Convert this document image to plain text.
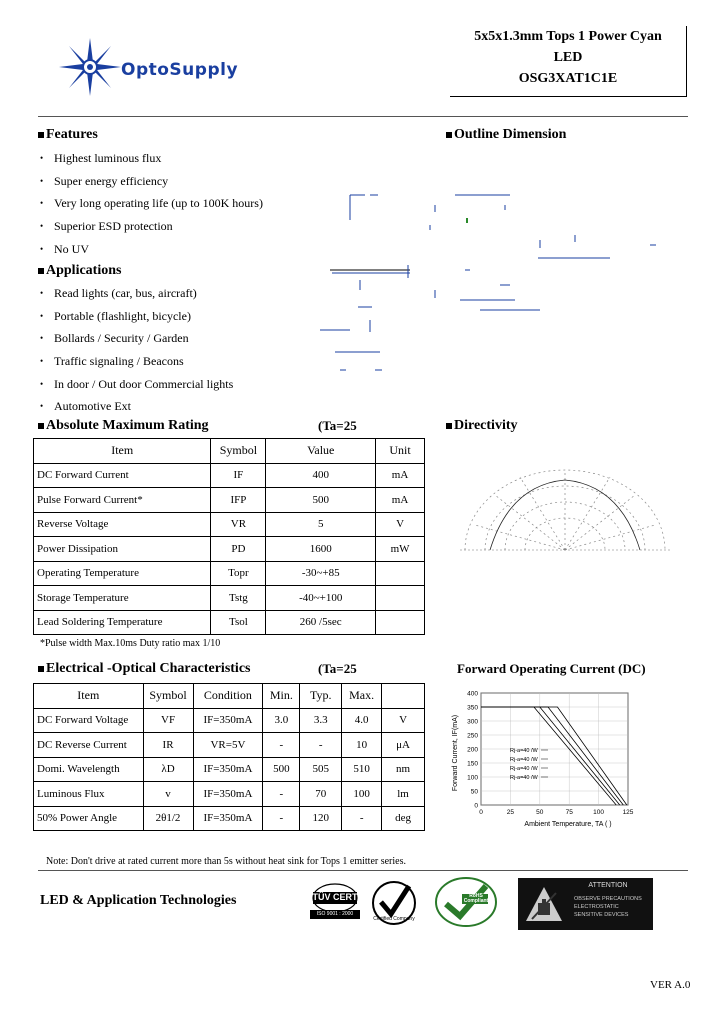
OptoSupply
5x5x1.3mm Tops 1 Power Cyan
LED
OSG3XAT1C1E
Features
• Highest luminous flux
• Super energy efficiency
• Very long operating life (up to 100K hours)
• Superior ESD protection
• No UV
Applications
• Read lights (car, bus, aircraft)
• Portable (flashlight, bicycle)
• Bollards / Security / Garden
• Traffic signaling / Beacons
• In door / Out door Commercial lights
• Automotive Ext
Outline Dimension
Absolute Maximum Rating	(Ta=25
Item	Symbol	Value	Unit
DC Forward Current	IF	400	mA
Pulse Forward Current*	IFP	500	mA
Reverse Voltage	VR	5	V
Power Dissipation	PD	1600	mW
Operating Temperature	Topr	-30~+85	
Storage Temperature	Tstg	-40~+100	
Lead Soldering Temperature	Tsol	260 /5sec	
*Pulse width Max.10ms Duty ratio max 1/10
Directivity
Electrical -Optical Characteristics	(Ta=25
Item	Symbol	Condition	Min.	Typ.	Max.	
DC Forward Voltage	VF	IF=350mA	3.0	3.3	4.0	V
DC Reverse Current	IR	VR=5V	-	-	10	μA
Domi. Wavelength	λD	IF=350mA	500	505	510	nm
Luminous Flux	v	IF=350mA	-	70	100	lm
50% Power Angle	2θ1/2	IF=350mA	-	120	-	deg
Forward Operating Current (DC)
400
350
300
250
200
150
100
50
0
0	25	50	75	100	125
Rj-a=40 /W
Rj-a=40 /W
Rj-a=40 /W
Rj-a=40 /W
Forward Current, IF(mA)
Ambient Temperature, TA ( )
Note: Don't drive at rated current more than 5s without heat sink for Tops 1 emitter series.
LED & Application Technologies	TÜV CERT
ISO 9001 : 2000
Certified Company
RoHS Compliant
ATTENTION
OBSERVE PRECAUTIONS
ELECTROSTATIC
SENSITIVE DEVICES
VER A.0
